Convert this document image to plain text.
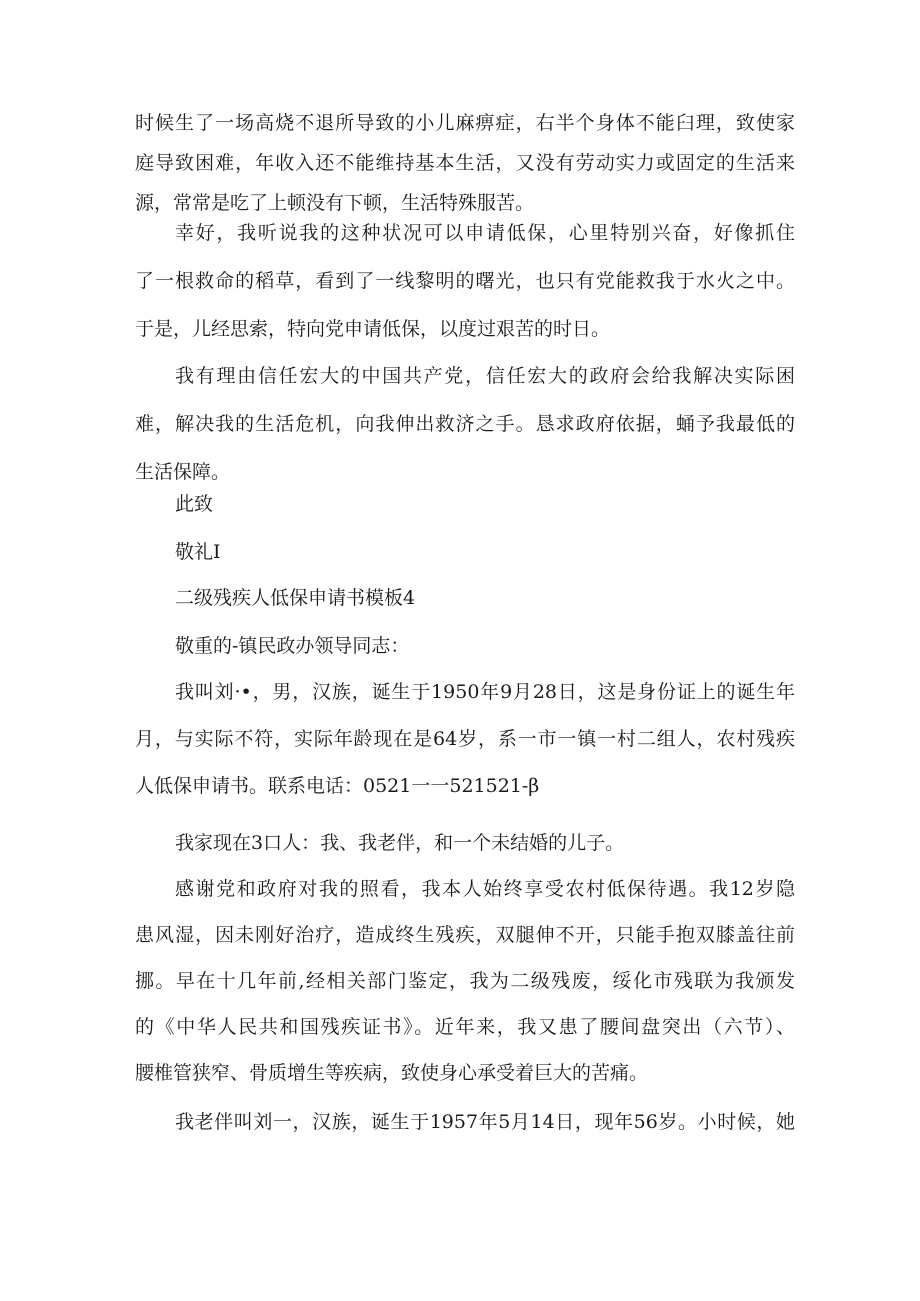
时候生了一场高烧不退所导致的小儿麻痹症，右半个身体不能臼理，致使家
庭导致困难，年收入还不能维持基本生活，又没有劳动实力或固定的生活来
源，常常是吃了上顿没有下顿，生活特殊服苦。
幸好，我听说我的这种状况可以申请低保，心里特别兴奋，好像抓住
了一根救命的稻草，看到了一线黎明的曙光，也只有党能救我于水火之中。
于是，儿经思索，特向党申请低保，以度过艰苦的时日。
我有理由信任宏大的中国共产党，信任宏大的政府会给我解决实际困
难，解决我的生活危机，向我伸出救济之手。恳求政府依据，蛹予我最低的
生活保障。

此致

敬礼I

二级残疾人低保申请书模板4

敬重的-镇民政办领导同志：

我叫刘·•，男，汉族，诞生于1950年9月28日，这是身份证上的诞生年
月，与实际不符，实际年龄现在是64岁，系一市一镇一村二组人，农村残疾
人低保申请书。联系电话：0521一一521521-β

我家现在3口人：我、我老伴，和一个未结婚的儿子。

感谢党和政府对我的照看，我本人始终享受农村低保待遇。我12岁隐
患风湿，因未刚好治疗，造成终生残疾，双腿伸不开，只能手抱双膝盖往前
挪。早在十几年前,经相关部门鉴定，我为二级残废，绥化市残联为我颁发
的《中华人民共和国残疾证书》。近年来，我又患了腰间盘突出（六节）、
腰椎管狭窄、骨质增生等疾病，致使身心承受着巨大的苦痛。
我老伴叫刘一，汉族，诞生于1957年5月14日，现年56岁。小时候，她
